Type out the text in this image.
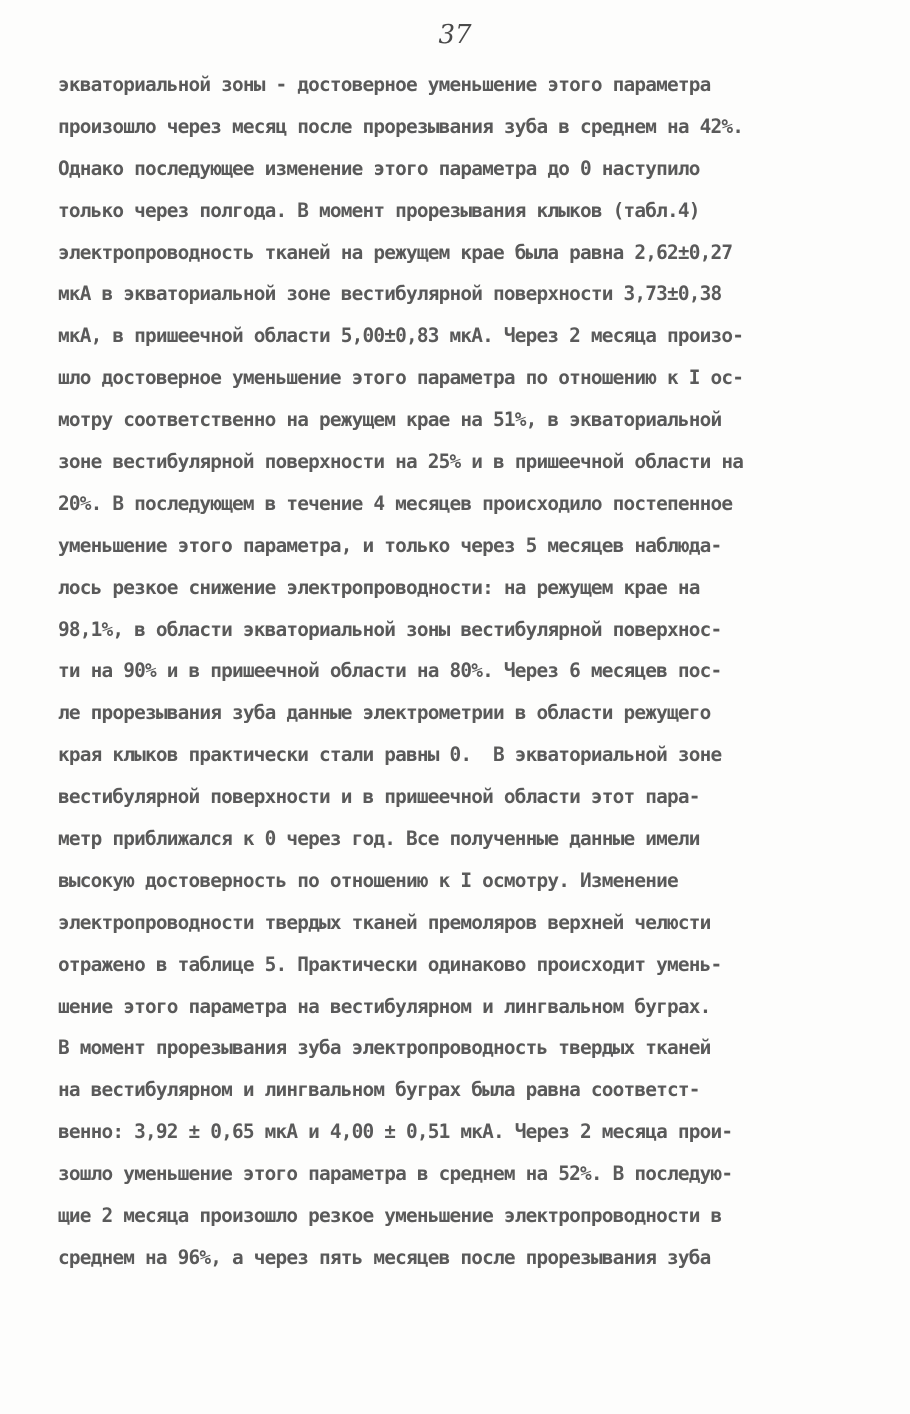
37
экваториальной зоны - достоверное уменьшение этого параметра
произошло через месяц после прорезывания зуба в среднем на 42%.
Однако последующее изменение этого параметра до 0 наступило
только через полгода. В момент прорезывания клыков (табл.4)
электропроводность тканей на режущем крае была равна 2,62±0,27
мкА в экваториальной зоне вестибулярной поверхности 3,73±0,38
мкА, в пришеечной области 5,00±0,83 мкА. Через 2 месяца произо-
шло достоверное уменьшение этого параметра по отношению к I ос-
мотру соответственно на режущем крае на 51%, в экваториальной
зоне вестибулярной поверхности на 25% и в пришеечной области на
20%. В последующем в течение 4 месяцев происходило постепенное
уменьшение этого параметра, и только через 5 месяцев наблюда-
лось резкое снижение электропроводности: на режущем крае на
98,1%, в области экваториальной зоны вестибулярной поверхнос-
ти на 90% и в пришеечной области на 80%. Через 6 месяцев пос-
ле прорезывания зуба данные электрометрии в области режущего
края клыков практически стали равны 0.  В экваториальной зоне
вестибулярной поверхности и в пришеечной области этот пара-
метр приближался к 0 через год. Все полученные данные имели
высокую достоверность по отношению к I осмотру. Изменение
электропроводности твердых тканей премоляров верхней челюсти
отражено в таблице 5. Практически одинаково происходит умень-
шение этого параметра на вестибулярном и лингвальном буграх.
В момент прорезывания зуба электропроводность твердых тканей
на вестибулярном и лингвальном буграх была равна соответст-
венно: 3,92 ± 0,65 мкА и 4,00 ± 0,51 мкА. Через 2 месяца прои-
зошло уменьшение этого параметра в среднем на 52%. В последую-
щие 2 месяца произошло резкое уменьшение электропроводности в
среднем на 96%, а через пять месяцев после прорезывания зуба
